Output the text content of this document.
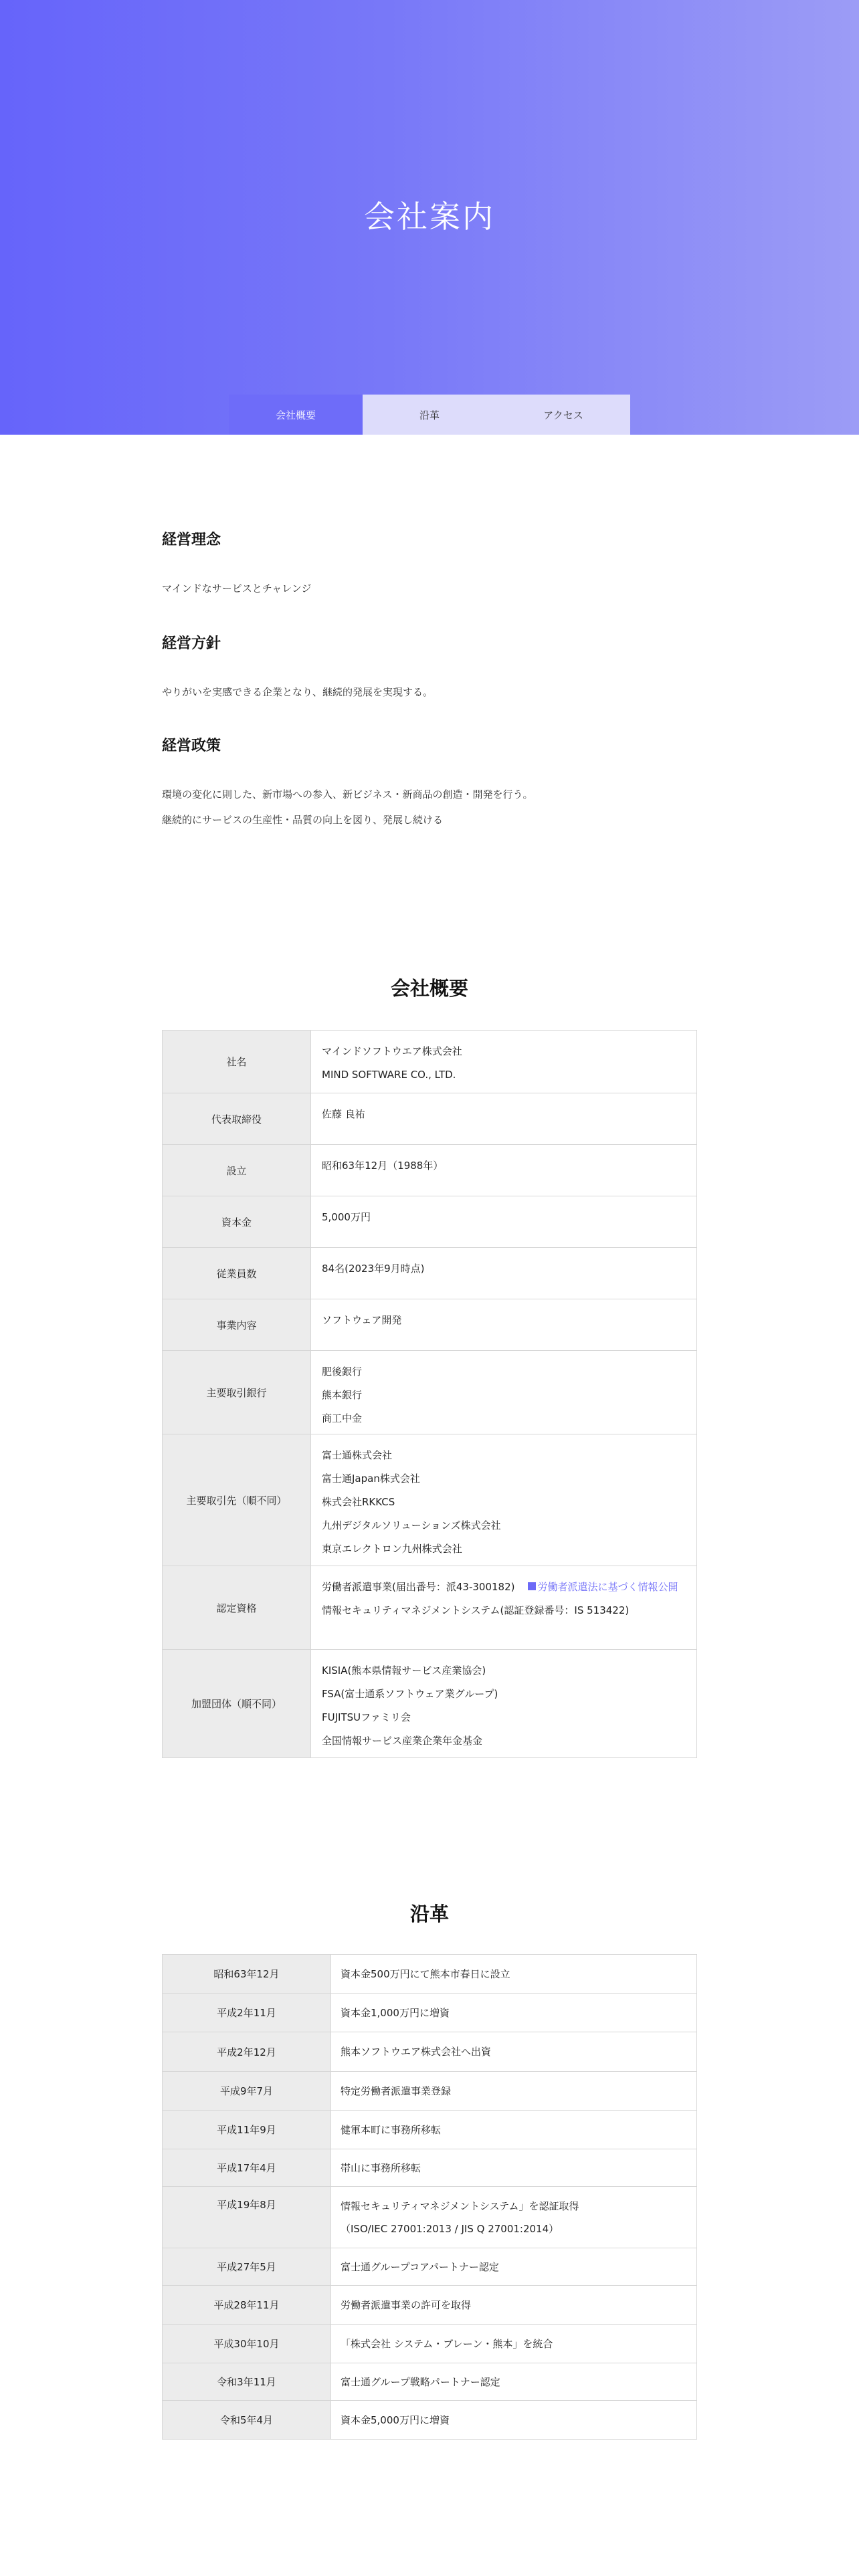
会社案内
会社概要	沿革	アクセス
経営理念

マインドなサービスとチャレンジ

経営方針

やりがいを実感できる企業となり、継続的発展を実現する。

経営政策

環境の変化に則した、新市場への参入、新ビジネス・新商品の創造・開発を行う。

継続的にサービスの生産性・品質の向上を図り、発展し続ける

会社概要
社名	マインドソフトウエア株式会社
MIND SOFTWARE CO., LTD.

代表取締役	佐藤 良祐

設立	昭和63年12月（1988年）

資本金	5,000万円

従業員数	84名(2023年9月時点)

事業内容	ソフトウェア開発

主要取引銀行	肥後銀行
熊本銀行
商工中金

主要取引先（順不同）	富士通株式会社
富士通Japan株式会社
株式会社RKKCS
九州デジタルソリューションズ株式会社
東京エレクトロン九州株式会社

認定資格	労働者派遣事業(届出番号：派43-300182) 労働者派遣法に基づく情報公開
情報セキュリティマネジメントシステム(認証登録番号：IS 513422)

加盟団体（順不同）	KISIA(熊本県情報サービス産業協会)
FSA(富士通系ソフトウェア業グループ)
FUJITSUファミリ会
全国情報サービス産業企業年金基金
沿革
昭和63年12月	資本金500万円にて熊本市春日に設立
平成2年11月	資本金1,000万円に増資
平成2年12月	熊本ソフトウエア株式会社へ出資
平成9年7月	特定労働者派遣事業登録
平成11年9月	健軍本町に事務所移転
平成17年4月	帯山に事務所移転
平成19年8月	情報セキュリティマネジメントシステム」を認証取得
（ISO/IEC 27001:2013 / JIS Q 27001:2014）

平成27年5月	富士通グループコアパートナー認定
平成28年11月	労働者派遣事業の許可を取得
平成30年10月	「株式会社 システム・ブレーン・熊本」を統合
令和3年11月	富士通グループ戦略パートナー認定
令和5年4月	資本金5,000万円に増資
